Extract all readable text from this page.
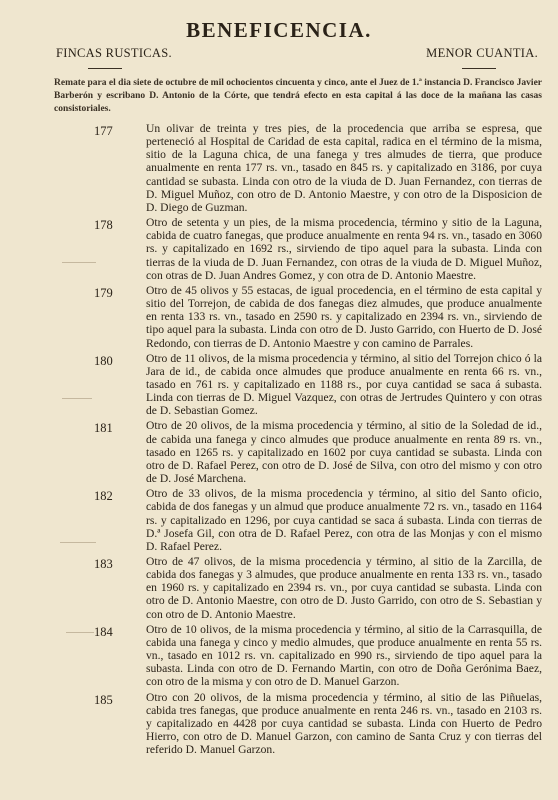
BENEFICENCIA.
FINCAS RUSTICAS.	MENOR CUANTIA.
Remate para el dia siete de octubre de mil ochocientos cincuenta y cinco, ante el Juez de 1.ª instancia D. Francisco Javier Barberón y escribano D. Antonio de la Córte, que tendrá efecto en esta capital á las doce de la mañana las casas consistoriales.
177	Un olivar de treinta y tres pies, de la procedencia que arriba se espresa, que perteneció al Hospital de Caridad de esta capital, radica en el término de la misma, sitio de la Laguna chica, de una fanega y tres almudes de tierra, que produce anualmente en renta 177 rs. vn., tasado en 845 rs. y capitalizado en 3186, por cuya cantidad se subasta. Linda con otro de la viuda de D. Juan Fernandez, con tierras de D. Miguel Muñoz, con otro de D. Antonio Maestre, y con otro de la Disposicion de D. Diego de Guzman.
178	Otro de setenta y un pies, de la misma procedencia, término y sitio de la Laguna, cabida de cuatro fanegas, que produce anualmente en renta 94 rs. vn., tasado en 3060 rs. y capitalizado en 1692 rs., sirviendo de tipo aquel para la subasta. Linda con tierras de la viuda de D. Juan Fernandez, con otras de la viuda de D. Miguel Muñoz, con otras de D. Juan Andres Gomez, y con otra de D. Antonio Maestre.
179	Otro de 45 olivos y 55 estacas, de igual procedencia, en el término de esta capital y sitio del Torrejon, de cabida de dos fanegas diez almudes, que produce anualmente en renta 133 rs. vn., tasado en 2590 rs. y capitalizado en 2394 rs. vn., sirviendo de tipo aquel para la subasta. Linda con otro de D. Justo Garrido, con Huerto de D. José Redondo, con tierras de D. Antonio Maestre y con camino de Parrales.
180	Otro de 11 olivos, de la misma procedencia y término, al sitio del Torrejon chico ó la Jara de id., de cabida once almudes que produce anualmente en renta 66 rs. vn., tasado en 761 rs. y capitalizado en 1188 rs., por cuya cantidad se saca á subasta. Linda con tierras de D. Miguel Vazquez, con otras de Jertrudes Quintero y con otras de D. Sebastian Gomez.
181	Otro de 20 olivos, de la misma procedencia y término, al sitio de la Soledad de id., de cabida una fanega y cinco almudes que produce anualmente en renta 89 rs. vn., tasado en 1265 rs. y capitalizado en 1602 por cuya cantidad se subasta. Linda con otro de D. Rafael Perez, con otro de D. José de Silva, con otro del mismo y con otro de D. José Marchena.
182	Otro de 33 olivos, de la misma procedencia y término, al sitio del Santo oficio, cabida de dos fanegas y un almud que produce anualmente 72 rs. vn., tasado en 1164 rs. y capitalizado en 1296, por cuya cantidad se saca á subasta. Linda con tierras de D.ª Josefa Gil, con otra de D. Rafael Perez, con otra de las Monjas y con el mismo D. Rafael Perez.
183	Otro de 47 olivos, de la misma procedencia y término, al sitio de la Zarcilla, de cabida dos fanegas y 3 almudes, que produce anualmente en renta 133 rs. vn., tasado en 1960 rs. y capitalizado en 2394 rs. vn., por cuya cantidad se subasta. Linda con otro de D. Antonio Maestre, con otro de D. Justo Garrido, con otro de S. Sebastian y con otro de D. Antonio Maestre.
184	Otro de 10 olivos, de la misma procedencia y término, al sitio de la Carrasquilla, de cabida una fanega y cinco y medio almudes, que produce anualmente en renta 55 rs. vn., tasado en 1012 rs. vn. capitalizado en 990 rs., sirviendo de tipo aquel para la subasta. Linda con otro de D. Fernando Martin, con otro de Doña Gerónima Baez, con otro de la misma y con otro de D. Manuel Garzon.
185	Otro con 20 olivos, de la misma procedencia y término, al sitio de las Piñuelas, cabida tres fanegas, que produce anualmente en renta 246 rs. vn., tasado en 2103 rs. y capitalizado en 4428 por cuya cantidad se subasta. Linda con Huerto de Pedro Hierro, con otro de D. Manuel Garzon, con camino de Santa Cruz y con tierras del referido D. Manuel Garzon.
